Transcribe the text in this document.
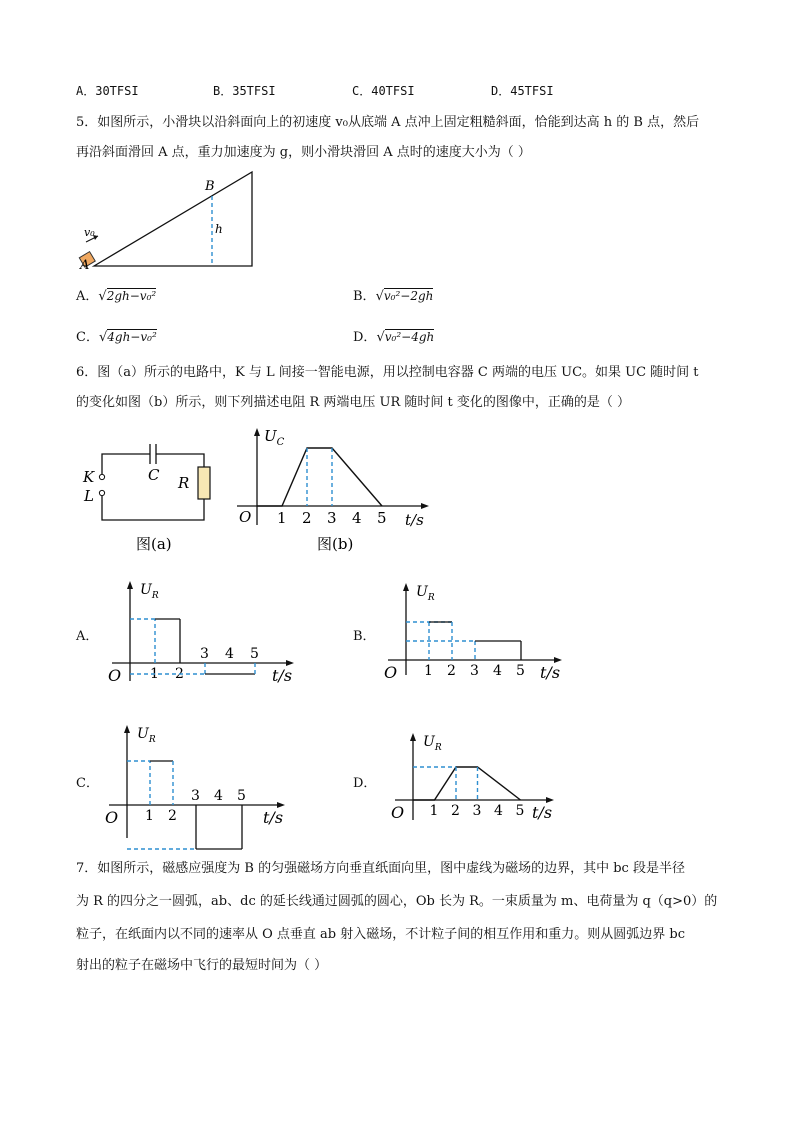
A．30TFSI	B．35TFSI	C．40TFSI	D．45TFSI
5．如图所示，小滑块以沿斜面向上的初速度 v₀从底端 A 点冲上固定粗糙斜面，恰能到达高 h 的 B 点，然后
再沿斜面滑回 A 点，重力加速度为 g，则小滑块滑回 A 点时的速度大小为（ ）
v₀
A
B
h
A．√2gh−v₀²	B．√v₀²−2gh
C．√4gh−v₀²	D．√v₀²−4gh
6．图（a）所示的电路中，K 与 L 间接一智能电源，用以控制电容器 C 两端的电压 UC。如果 UC 随时间 t
的变化如图（b）所示，则下列描述电阻 R 两端电压 UR 随时间 t 变化的图像中，正确的是（ ）
K
L
C R
图(a)
$U_C$
O	t/s
图(b)
1 2 3 4 5
A．	B．
C．	D．
$U_R$
O	t/s
1 2
3 4 5
$U_R$
O	t/s
1 2 3 4 5
$U_R$
O	t/s
1 2
3 4 5
$U_R$
O	t/s
1 2 3 4 5
7．如图所示，磁感应强度为 B 的匀强磁场方向垂直纸面向里，图中虚线为磁场的边界，其中 bc 段是半径
为 R 的四分之一圆弧，ab、dc 的延长线通过圆弧的圆心，Ob 长为 R。一束质量为 m、电荷量为 q（q>0）的
粒子，在纸面内以不同的速率从 O 点垂直 ab 射入磁场，不计粒子间的相互作用和重力。则从圆弧边界 bc
射出的粒子在磁场中飞行的最短时间为（ ）
